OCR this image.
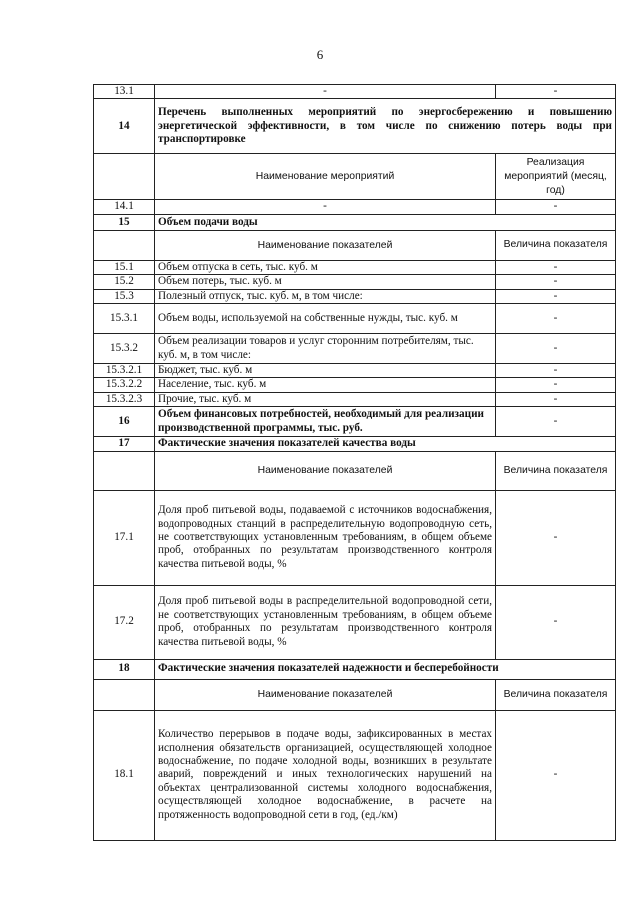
6
13.1	-	-
14	Перечень выполненных мероприятий по энергосбережению и повышению энергетической эффективности, в том числе по снижению потерь воды при транспортировке	
	Наименование мероприятий	Реализация мероприятий (месяц, год)
14.1	-	-
15	Объем подачи воды	
	Наименование показателей	Величина показателя
15.1	Объем отпуска в сеть, тыс. куб. м	-
15.2	Объем потерь, тыс. куб. м	-
15.3	Полезный отпуск, тыс. куб. м, в том числе:	-
15.3.1	Объем воды, используемой на собственные нужды, тыс. куб. м	-
15.3.2	Объем реализации товаров и услуг сторонним потребителям, тыс. куб. м, в том числе:	-
15.3.2.1	Бюджет, тыс. куб. м	-
15.3.2.2	Население, тыс. куб. м	-
15.3.2.3	Прочие, тыс. куб. м	-
16	Объем финансовых потребностей, необходимый для реализации производственной программы, тыс. руб.	-
17	Фактические значения показателей качества воды	
	Наименование показателей	Величина показателя
17.1	Доля проб питьевой воды, подаваемой с источников водоснабжения, водопроводных станций в распределительную водопроводную сеть, не соответствующих установленным требованиям, в общем объеме проб, отобранных по результатам производственного контроля качества питьевой воды, %	-
17.2	Доля проб питьевой воды в распределительной водопроводной сети, не соответствующих установленным требованиям, в общем объеме проб, отобранных по результатам производственного контроля качества питьевой воды, %	-
18	Фактические значения показателей надежности и бесперебойности	
	Наименование показателей	Величина показателя
18.1	Количество перерывов в подаче воды, зафиксированных в местах исполнения обязательств организацией, осуществляющей холодное водоснабжение, по подаче холодной воды, возникших в результате аварий, повреждений и иных технологических нарушений на объектах централизованной системы холодного водоснабжения, осуществляющей холодное водоснабжение, в расчете на протяженность водопроводной сети в год, (ед./км)	-
